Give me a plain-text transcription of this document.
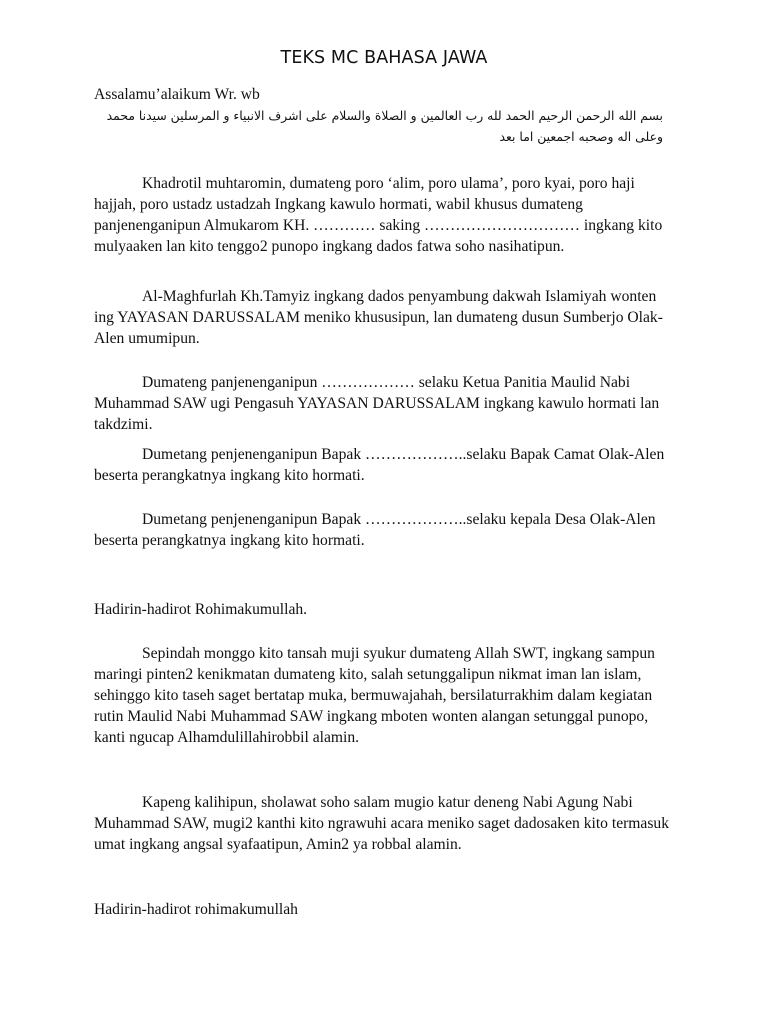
TEKS MC BAHASA JAWA
Assalamu’alaikum Wr. wb
بسم الله الرحمن الرحيم الحمد لله رب العالمين و الصلاة والسلام على اشرف الانبياء و المرسلين سيدنا محمد وعلى اله وصحبه اجمعين اما بعد

Khadrotil muhtaromin, dumateng poro ‘alim, poro ulama’, poro kyai, poro haji hajjah, poro ustadz ustadzah Ingkang kawulo hormati, wabil khusus dumateng panjenenganipun Almukarom KH. ………… saking ………………………… ingkang kito mulyaaken lan kito tenggo2 punopo ingkang dados fatwa soho nasihatipun.

Al-Maghfurlah Kh.Tamyiz ingkang dados penyambung dakwah Islamiyah wonten ing YAYASAN DARUSSALAM meniko khususipun, lan dumateng dusun Sumberjo Olak-Alen umumipun.

Dumateng panjenenganipun ……………… selaku Ketua Panitia Maulid Nabi Muhammad SAW ugi Pengasuh YAYASAN DARUSSALAM ingkang kawulo hormati lan takdzimi.

Dumetang penjenenganipun Bapak ………………..selaku Bapak Camat Olak-Alen beserta perangkatnya ingkang kito hormati.

Dumetang penjenenganipun Bapak ………………..selaku kepala Desa Olak-Alen beserta perangkatnya ingkang kito hormati.

Hadirin-hadirot Rohimakumullah.

Sepindah monggo kito tansah muji syukur dumateng Allah SWT, ingkang sampun maringi pinten2 kenikmatan dumateng kito, salah setunggalipun nikmat iman lan islam, sehinggo kito taseh saget bertatap muka, bermuwajahah, bersilaturrakhim dalam kegiatan rutin Maulid Nabi Muhammad SAW ingkang mboten wonten alangan setunggal punopo, kanti ngucap Alhamdulillahirobbil alamin.

Kapeng kalihipun, sholawat soho salam mugio katur deneng Nabi Agung Nabi Muhammad SAW, mugi2 kanthi kito ngrawuhi acara meniko saget dadosaken kito termasuk umat ingkang angsal syafaatipun, Amin2 ya robbal alamin.

Hadirin-hadirot rohimakumullah
